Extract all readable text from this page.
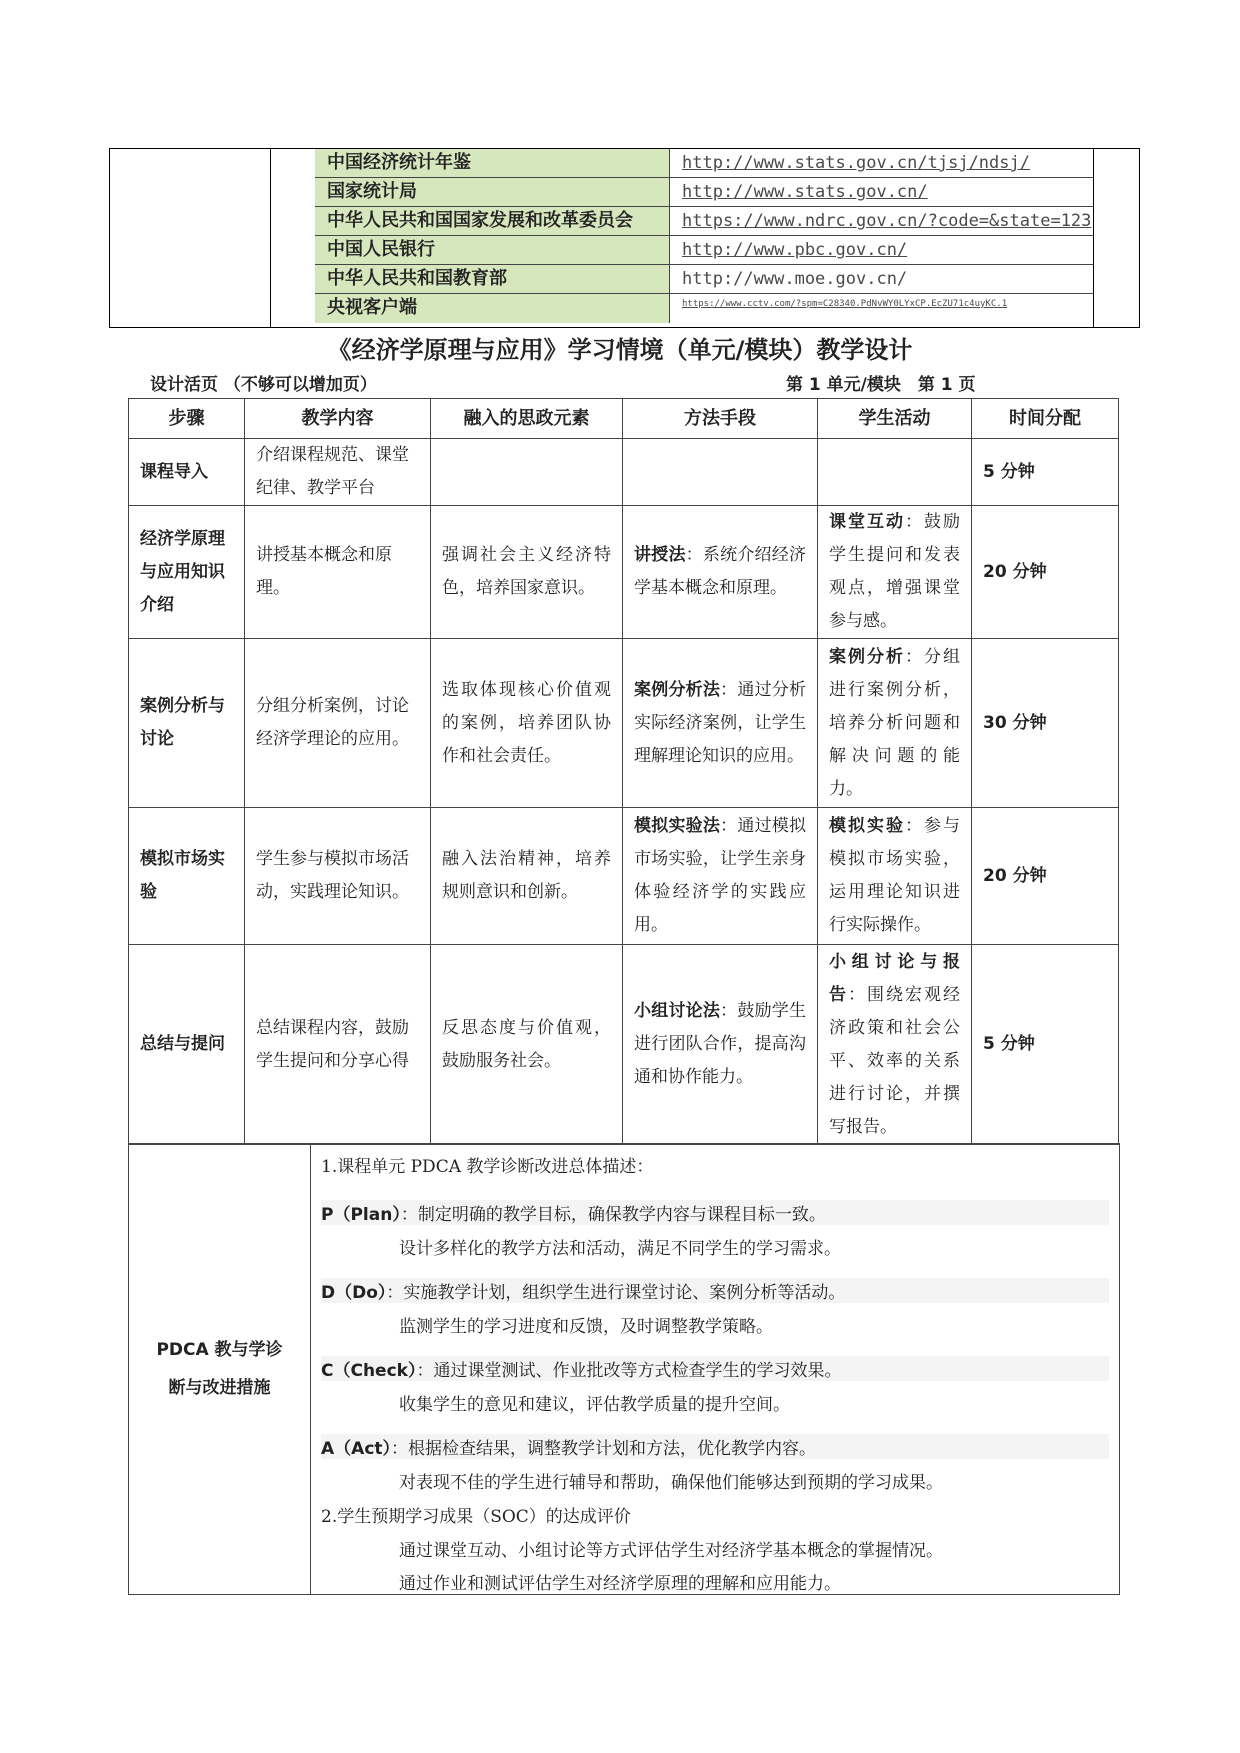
中国经济统计年鉴	http://www.stats.gov.cn/tjsj/ndsj/
国家统计局	http://www.stats.gov.cn/
中华人民共和国国家发展和改革委员会	https://www.ndrc.gov.cn/?code=&state=123
中国人民银行	http://www.pbc.gov.cn/
中华人民共和国教育部	http://www.moe.gov.cn/
央视客户端	https://www.cctv.com/?spm=C28340.PdNvWY0LYxCP.EcZU71c4uyKC.1
《经济学原理与应用》学习情境（单元/模块）教学设计
设计活页 （不够可以增加页）	第 1 单元/模块　第 1 页
步骤	教学内容	融入的思政元素	方法手段	学生活动	时间分配
课程导入	介绍课程规范、课堂纪律、教学平台				5 分钟
经济学原理与应用知识介绍	讲授基本概念和原理。	强调社会主义经济特色，培养国家意识。	讲授法：系统介绍经济学基本概念和原理。	课堂互动：鼓励学生提问和发表观点，增强课堂参与感。	20 分钟
案例分析与讨论	分组分析案例，讨论经济学理论的应用。	选取体现核心价值观的案例，培养团队协作和社会责任。	案例分析法：通过分析实际经济案例，让学生理解理论知识的应用。	案例分析：分组进行案例分析，培养分析问题和解决问题的能力。	30 分钟
模拟市场实验	学生参与模拟市场活动，实践理论知识。	融入法治精神，培养规则意识和创新。	模拟实验法：通过模拟市场实验，让学生亲身体验经济学的实践应用。	模拟实验：参与模拟市场实验，运用理论知识进行实际操作。	20 分钟
总结与提问	总结课程内容，鼓励学生提问和分享心得	反思态度与价值观，鼓励服务社会。	小组讨论法：鼓励学生进行团队合作，提高沟通和协作能力。	小组讨论与报告：围绕宏观经济政策和社会公平、效率的关系进行讨论，并撰写报告。	5 分钟
PDCA 教与学诊断与改进措施
1.课程单元 PDCA 教学诊断改进总体描述：
P（Plan）：制定明确的教学目标，确保教学内容与课程目标一致。
设计多样化的教学方法和活动，满足不同学生的学习需求。
D（Do）：实施教学计划，组织学生进行课堂讨论、案例分析等活动。
监测学生的学习进度和反馈，及时调整教学策略。
C（Check）：通过课堂测试、作业批改等方式检查学生的学习效果。
收集学生的意见和建议，评估教学质量的提升空间。
A（Act）：根据检查结果，调整教学计划和方法，优化教学内容。
对表现不佳的学生进行辅导和帮助，确保他们能够达到预期的学习成果。
2.学生预期学习成果（SOC）的达成评价
通过课堂互动、小组讨论等方式评估学生对经济学基本概念的掌握情况。
通过作业和测试评估学生对经济学原理的理解和应用能力。
